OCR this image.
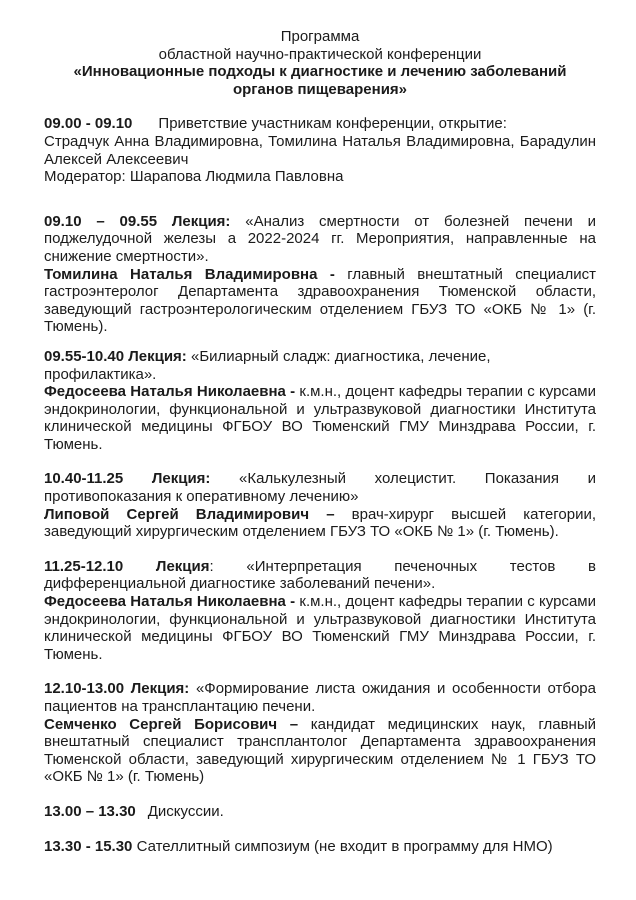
Программа

областной научно-практической конференции

«Инновационные подходы к диагностике и лечению заболеваний органов пищеварения»

09.00 - 09.10 Приветствие участникам конференции, открытие:

Страдчук Анна Владимировна, Томилина Наталья Владимировна, Барадулин Алексей Алексеевич

Модератор: Шарапова Людмила Павловна

09.10 – 09.55 Лекция: «Анализ смертности от болезней печени и поджелудочной железы а 2022-2024 гг. Мероприятия, направленные на снижение смертности».

Томилина Наталья Владимировна - главный внештатный специалист гастроэнтеролог Департамента здравоохранения Тюменской области, заведующий гастроэнтерологическим отделением ГБУЗ ТО «ОКБ № 1» (г. Тюмень).

09.55-10.40 Лекция: «Билиарный сладж: диагностика, лечение,
профилактика».

Федосеева Наталья Николаевна - к.м.н., доцент кафедры терапии с курсами эндокринологии, функциональной и ультразвуковой диагностики Института клинической медицины ФГБОУ ВО Тюменский ГМУ Минздрава России, г. Тюмень.

10.40-11.25 Лекция: «Калькулезный холецистит. Показания и противопоказания к оперативному лечению»

Липовой Сергей Владимирович – врач-хирург высшей категории, заведующий хирургическим отделением ГБУЗ ТО «ОКБ № 1» (г. Тюмень).

11.25-12.10 Лекция: «Интерпретация печеночных тестов в дифференциальной диагностике заболеваний печени».

Федосеева Наталья Николаевна - к.м.н., доцент кафедры терапии с курсами эндокринологии, функциональной и ультразвуковой диагностики Института клинической медицины ФГБОУ ВО Тюменский ГМУ Минздрава России, г. Тюмень.

12.10-13.00 Лекция: «Формирование листа ожидания и особенности отбора пациентов на трансплантацию печени.

Семченко Сергей Борисович – кандидат медицинских наук, главный внештатный специалист трансплантолог Департамента здравоохранения Тюменской области, заведующий хирургическим отделением № 1 ГБУЗ ТО «ОКБ № 1» (г. Тюмень)

13.00 – 13.30 Дискуссии.

13.30 - 15.30 Сателлитный симпозиум (не входит в программу для НМО)
